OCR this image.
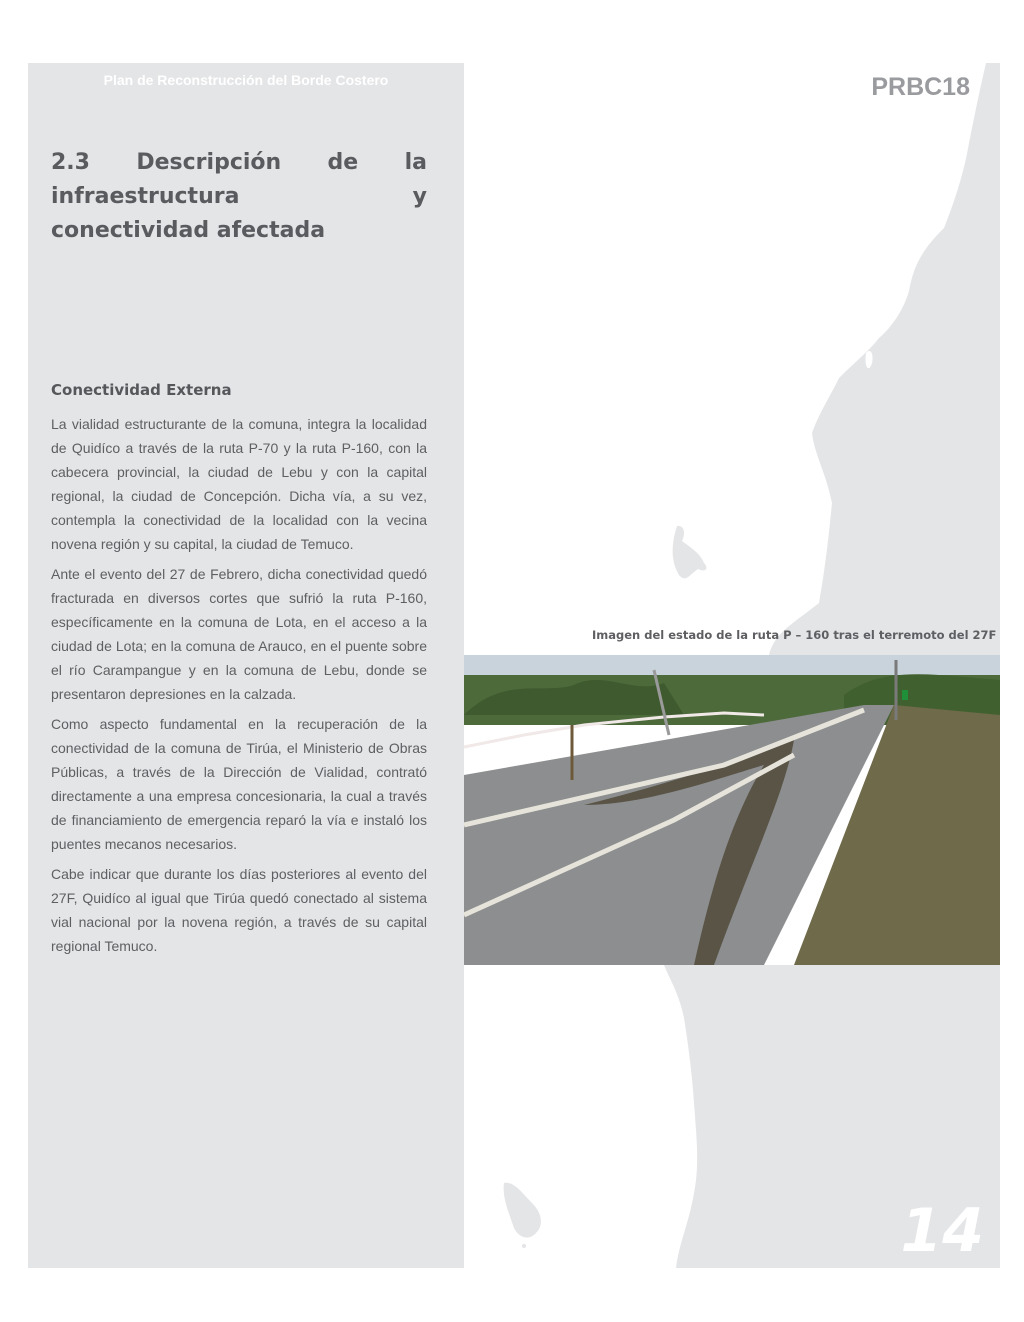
Plan de Reconstrucción del Borde Costero
2.3 Descripción de la infraestructura y conectividad afectada
Conectividad Externa

La vialidad estructurante de la comuna, integra la localidad de Quidíco a través de la ruta P-70 y la ruta P-160, con la cabecera provincial, la ciudad de Lebu y con la capital regional, la ciudad de Concepción. Dicha vía, a su vez, contempla la conectividad de la localidad con la vecina novena región y su capital, la ciudad de Temuco.

Ante el evento del 27 de Febrero, dicha conectividad quedó fracturada en diversos cortes que sufrió la ruta P-160, específicamente en la comuna de Lota, en el acceso a la ciudad de Lota; en la comuna de Arauco, en el puente sobre el río Carampangue y en la comuna de Lebu, donde se presentaron depresiones en la calzada.

Como aspecto fundamental en la recuperación de la conectividad de la comuna de Tirúa, el Ministerio de Obras Públicas, a través de la Dirección de Vialidad, contrató directamente a una empresa concesionaria, la cual a través de financiamiento de emergencia reparó la vía e instaló los puentes mecanos necesarios.

Cabe indicar que durante los días posteriores al evento del 27F, Quidíco al igual que Tirúa quedó conectado al sistema vial nacional por la novena región, a través de su capital regional Temuco.

PRBC18
Imagen del estado de la ruta P – 160 tras el terremoto del 27F
14
